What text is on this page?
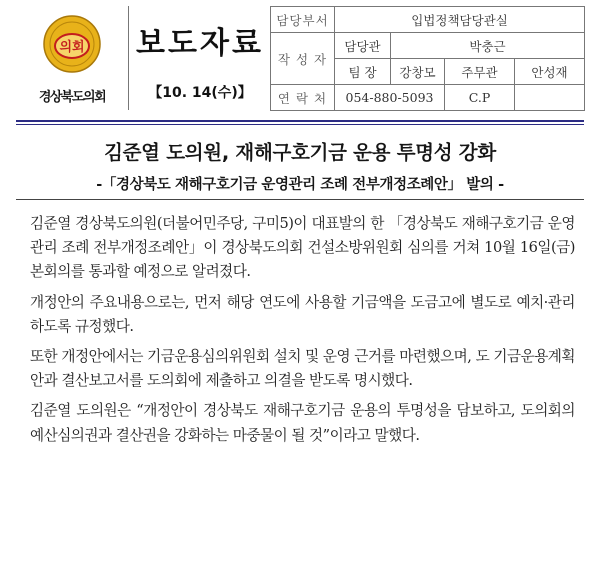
의회
경상북도의회
보도자료
【10. 14(수)】
담당부서	입법정책담당관실			
작 성 자	담당관	박충근		
	팀 장	강창모	주무관	안성재
연 락 처	054-880-5093		C.P	
김준열 도의원, 재해구호기금 운용 투명성 강화
-「경상북도 재해구호기금 운영관리 조례 전부개정조례안」 발의 -

김준열 경상북도의원(더불어민주당, 구미5)이 대표발의 한 「경상북도 재해구호기금 운영관리 조례 전부개정조례안」이 경상북도의회 건설소방위원회 심의를 거쳐 10월 16일(금) 본회의를 통과할 예정으로 알려졌다.

개정안의 주요내용으로는, 먼저 해당 연도에 사용할 기금액을 도금고에 별도로 예치·관리하도록 규정했다.

또한 개정안에서는 기금운용심의위원회 설치 및 운영 근거를 마련했으며, 도 기금운용계획안과 결산보고서를 도의회에 제출하고 의결을 받도록 명시했다.

김준열 도의원은 “개정안이 경상북도 재해구호기금 운용의 투명성을 담보하고, 도의회의 예산심의권과 결산권을 강화하는 마중물이 될 것”이라고 말했다.
